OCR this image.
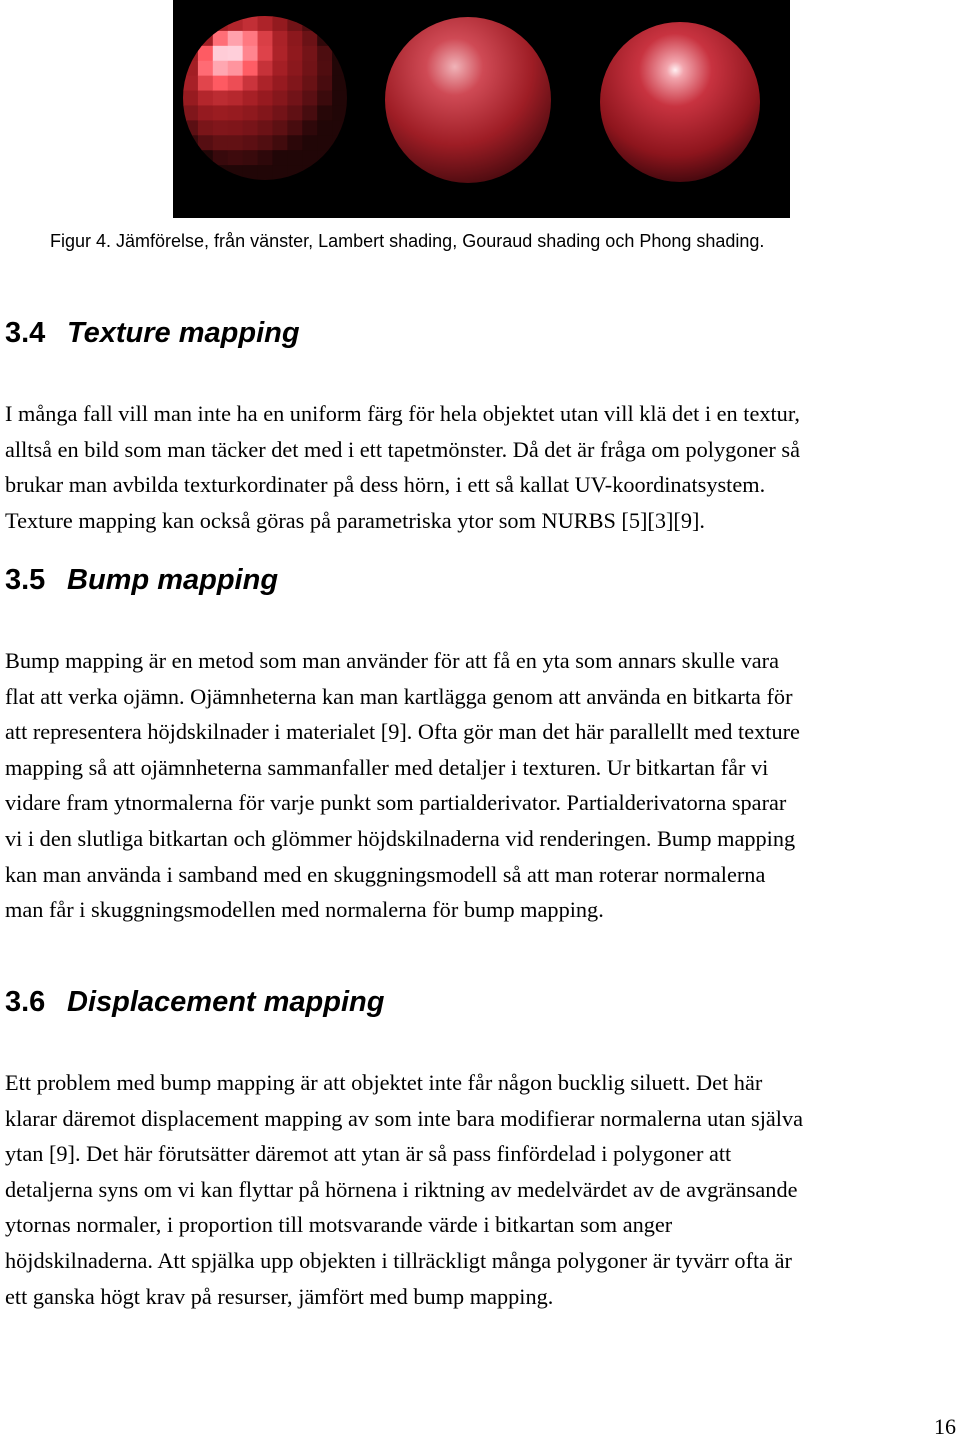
Figur 4. Jämförelse, från vänster, Lambert shading, Gouraud shading och Phong shading.
3.4 Texture mapping

I många fall vill man inte ha en uniform färg för hela objektet utan vill klä det i en textur,
alltså en bild som man täcker det med i ett tapetmönster. Då det är fråga om polygoner så
brukar man avbilda texturkordinater på dess hörn, i ett så kallat UV-koordinatsystem.
Texture mapping kan också göras på parametriska ytor som NURBS [5][3][9].

3.5 Bump mapping

Bump mapping är en metod som man använder för att få en yta som annars skulle vara
flat att verka ojämn. Ojämnheterna kan man kartlägga genom att använda en bitkarta för
att representera höjdskilnader i materialet [9]. Ofta gör man det här parallellt med texture
mapping så att ojämnheterna sammanfaller med detaljer i texturen. Ur bitkartan får vi
vidare fram ytnormalerna för varje punkt som partialderivator. Partialderivatorna sparar
vi i den slutliga bitkartan och glömmer höjdskilnaderna vid renderingen. Bump mapping
kan man använda i samband med en skuggningsmodell så att man roterar normalerna
man får i skuggningsmodellen med normalerna för bump mapping.

3.6 Displacement mapping

Ett problem med bump mapping är att objektet inte får någon bucklig siluett. Det här
klarar däremot displacement mapping av som inte bara modifierar normalerna utan själva
ytan [9]. Det här förutsätter däremot att ytan är så pass finfördelad i polygoner att
detaljerna syns om vi kan flyttar på hörnena i riktning av medelvärdet av de avgränsande
ytornas normaler, i proportion till motsvarande värde i bitkartan som anger
höjdskilnaderna. Att spjälka upp objekten i tillräckligt många polygoner är tyvärr ofta är
ett ganska högt krav på resurser, jämfört med bump mapping.

16
